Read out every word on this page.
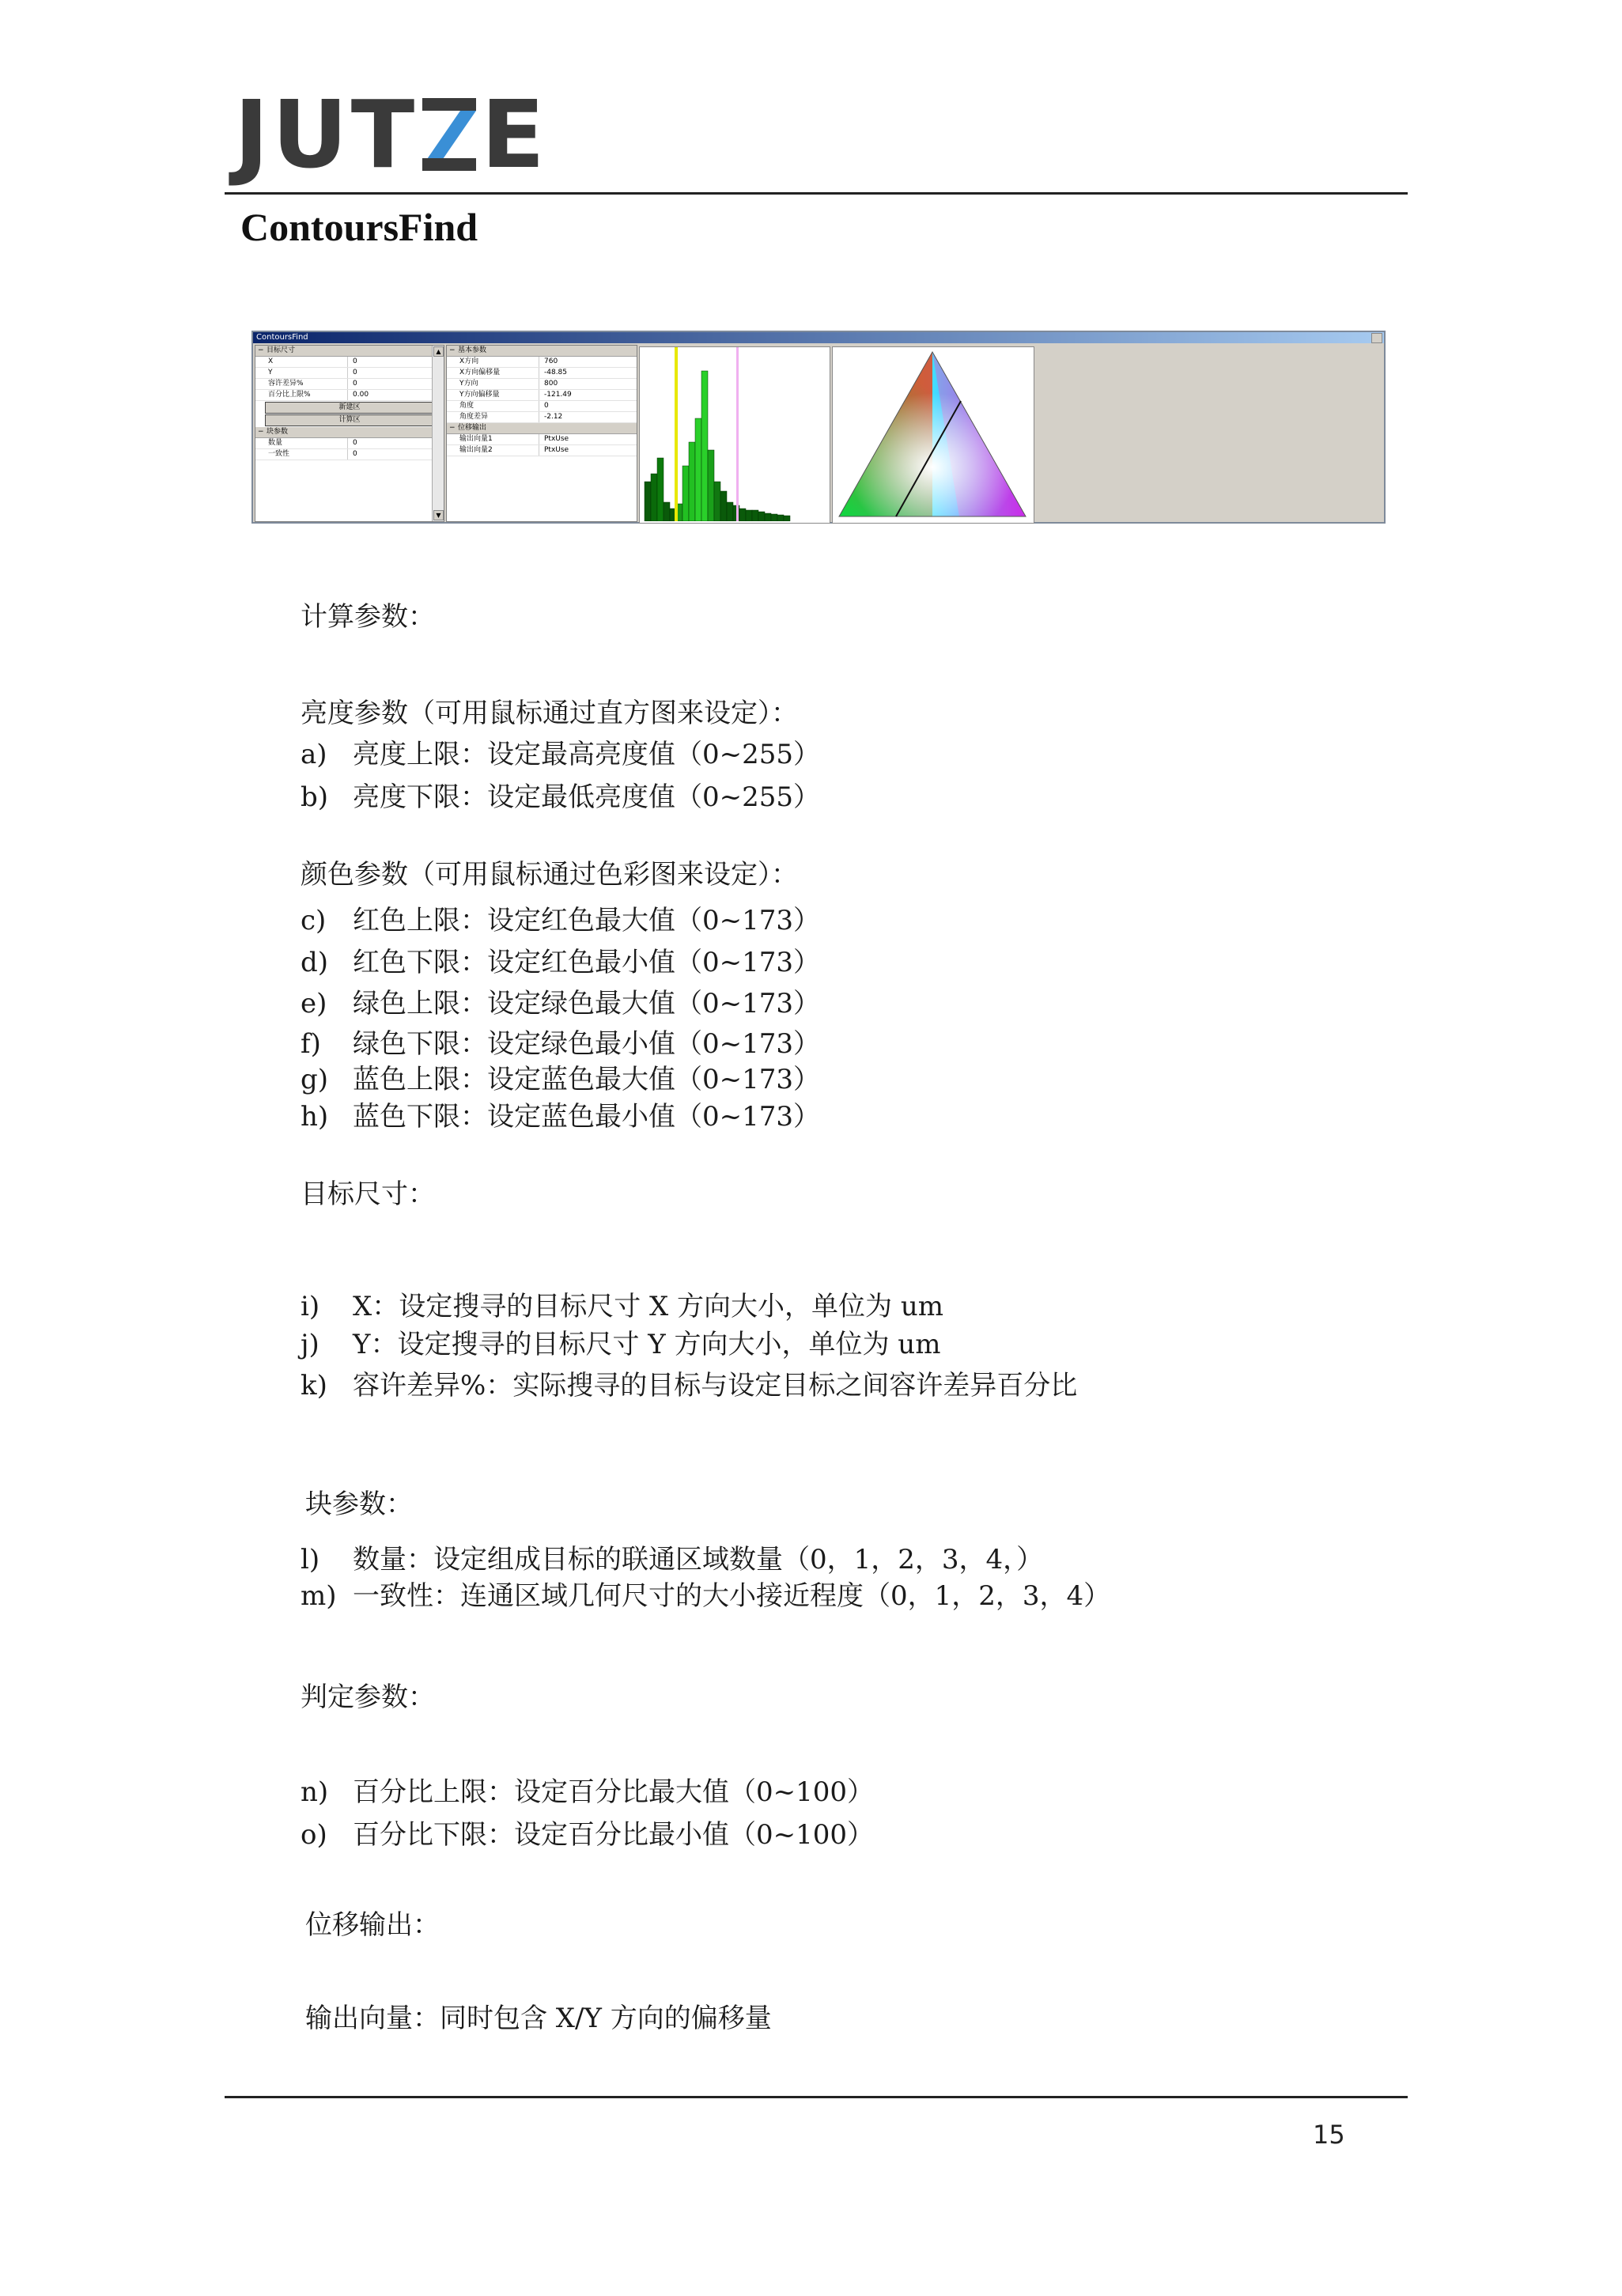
JUT E
ContoursFind
ContoursFind
− 目标尺寸
X	0
Y	0
容许差异%	0
百分比上限%	0.00
新建区
计算区
− 块参数
数量	0
一致性	0
▲
▼
− 基本参数
X方向	760
X方向偏移量	-48.85
Y方向	800
Y方向偏移量	-121.49
角度	0
角度差异	-2.12
− 位移输出
输出向量1	PtxUse
输出向量2	PtxUse
计算参数：
亮度参数（可用鼠标通过直方图来设定）：
a) 亮度上限：设定最高亮度值（0~255）
b) 亮度下限：设定最低亮度值（0~255）
颜色参数（可用鼠标通过色彩图来设定）：
c) 红色上限：设定红色最大值（0~173）
d) 红色下限：设定红色最小值（0~173）
e) 绿色上限：设定绿色最大值（0~173）
f) 绿色下限：设定绿色最小值（0~173）
g) 蓝色上限：设定蓝色最大值（0~173）
h) 蓝色下限：设定蓝色最小值（0~173）
目标尺寸：
i) X：设定搜寻的目标尺寸 X 方向大小，单位为 um
j) Y：设定搜寻的目标尺寸 Y 方向大小，单位为 um
k) 容许差异%：实际搜寻的目标与设定目标之间容许差异百分比
块参数：
l) 数量：设定组成目标的联通区域数量（0，1，2，3，4，）
m) 一致性：连通区域几何尺寸的大小接近程度（0，1，2，3，4）
判定参数：
n) 百分比上限：设定百分比最大值（0~100）
o) 百分比下限：设定百分比最小值（0~100）
位移输出：
输出向量：同时包含 X/Y 方向的偏移量
15
